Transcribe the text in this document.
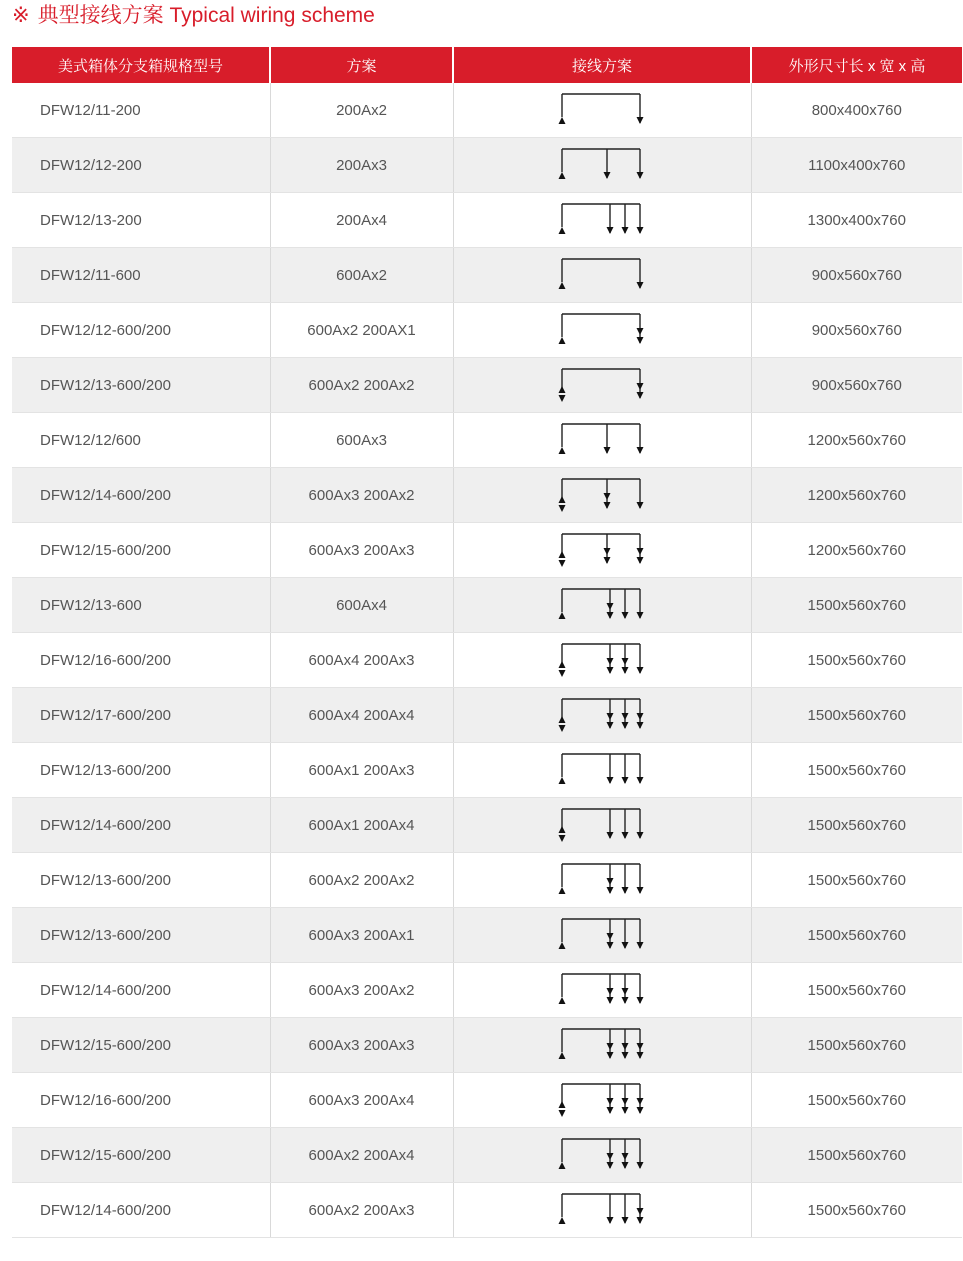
※ 典型接线方案 Typical wiring scheme
美式箱体分支箱规格型号	方案	接线方案	外形尺寸长 x 宽 x 高
DFW12/11-200	200Ax2		800x400x760
DFW12/12-200	200Ax3		1100x400x760
DFW12/13-200	200Ax4		1300x400x760
DFW12/11-600	600Ax2		900x560x760
DFW12/12-600/200	600Ax2 200AX1		900x560x760
DFW12/13-600/200	600Ax2 200Ax2		900x560x760
DFW12/12/600	600Ax3		1200x560x760
DFW12/14-600/200	600Ax3 200Ax2		1200x560x760
DFW12/15-600/200	600Ax3 200Ax3		1200x560x760
DFW12/13-600	600Ax4		1500x560x760
DFW12/16-600/200	600Ax4 200Ax3		1500x560x760
DFW12/17-600/200	600Ax4 200Ax4		1500x560x760
DFW12/13-600/200	600Ax1 200Ax3		1500x560x760
DFW12/14-600/200	600Ax1 200Ax4		1500x560x760
DFW12/13-600/200	600Ax2 200Ax2		1500x560x760
DFW12/13-600/200	600Ax3 200Ax1		1500x560x760
DFW12/14-600/200	600Ax3 200Ax2		1500x560x760
DFW12/15-600/200	600Ax3 200Ax3		1500x560x760
DFW12/16-600/200	600Ax3 200Ax4		1500x560x760
DFW12/15-600/200	600Ax2 200Ax4		1500x560x760
DFW12/14-600/200	600Ax2 200Ax3		1500x560x760
